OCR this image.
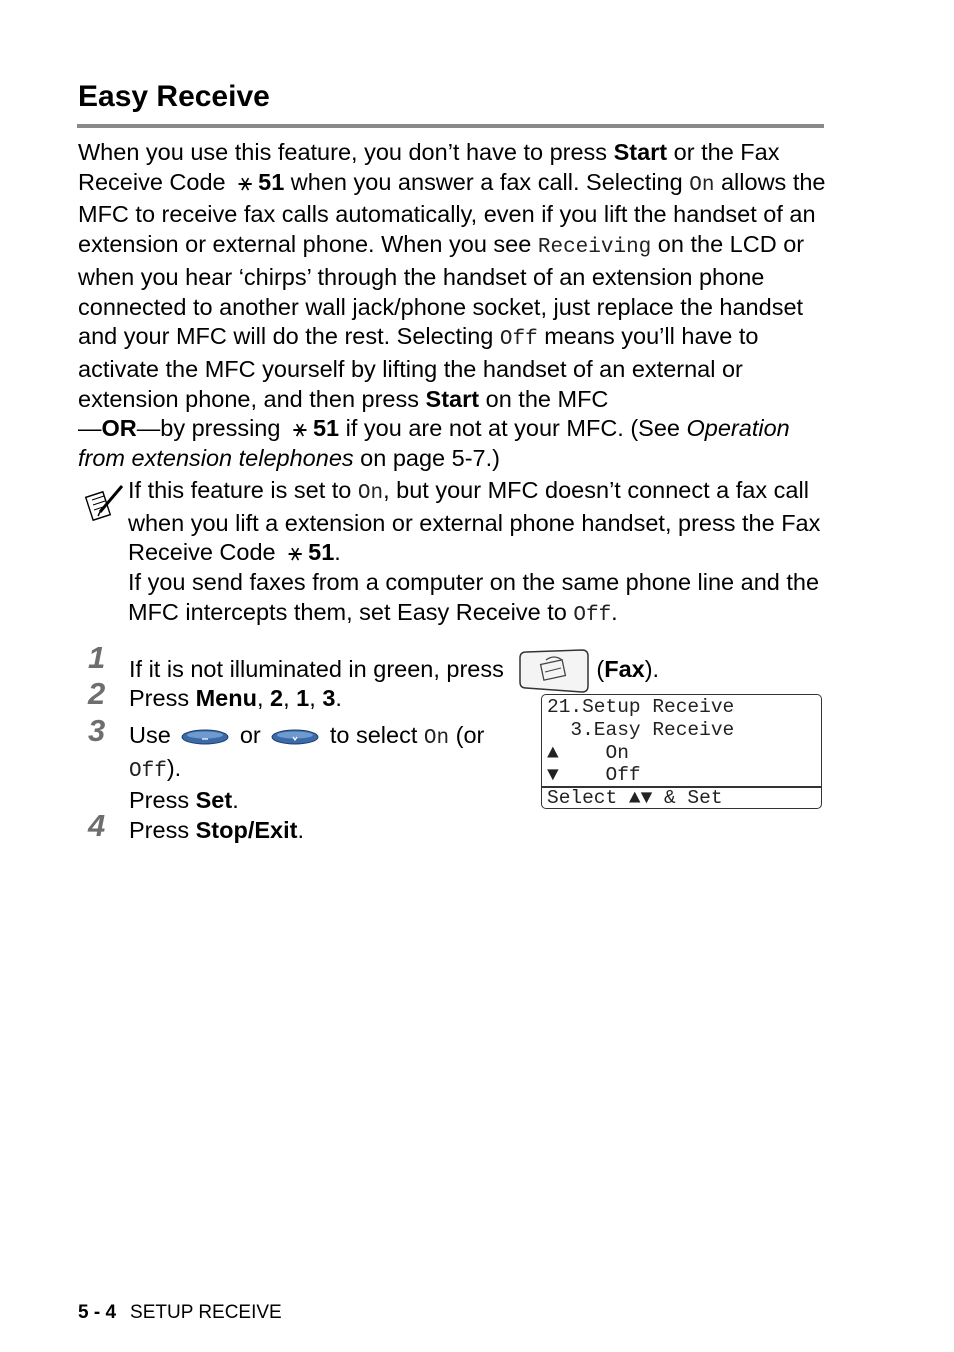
Easy Receive
When you use this feature, you don’t have to press Start or the Fax Receive Code ⚹ 51 when you answer a fax call. Selecting On allows the MFC to receive fax calls automatically, even if you lift the handset of an extension or external phone. When you see Receiving on the LCD or when you hear ‘chirps’ through the handset of an extension phone connected to another wall jack/phone socket, just replace the handset and your MFC will do the rest. Selecting Off means you’ll have to activate the MFC yourself by lifting the handset of an external or extension phone, and then press Start on the MFC
—OR—by pressing ⚹ 51 if you are not at your MFC. (See Operation from extension telephones on page 5-7.)

If this feature is set to On, but your MFC doesn’t connect a fax call when you lift a extension or external phone handset, press the Fax Receive Code ⚹ 51.

If you send faxes from a computer on the same phone line and the MFC intercepts them, set Easy Receive to Off.

1 If it is not illuminated in green, press	(Fax).
2 Press Menu, 2, 1, 3.
3 Use  or  to select On (or
Off).
Press Set.
4 Press Stop/Exit.
21.Setup Receive
3.Easy Receive
▲    On
▼    Off
Select ▲▼ & Set
5 - 4 SETUP RECEIVE
